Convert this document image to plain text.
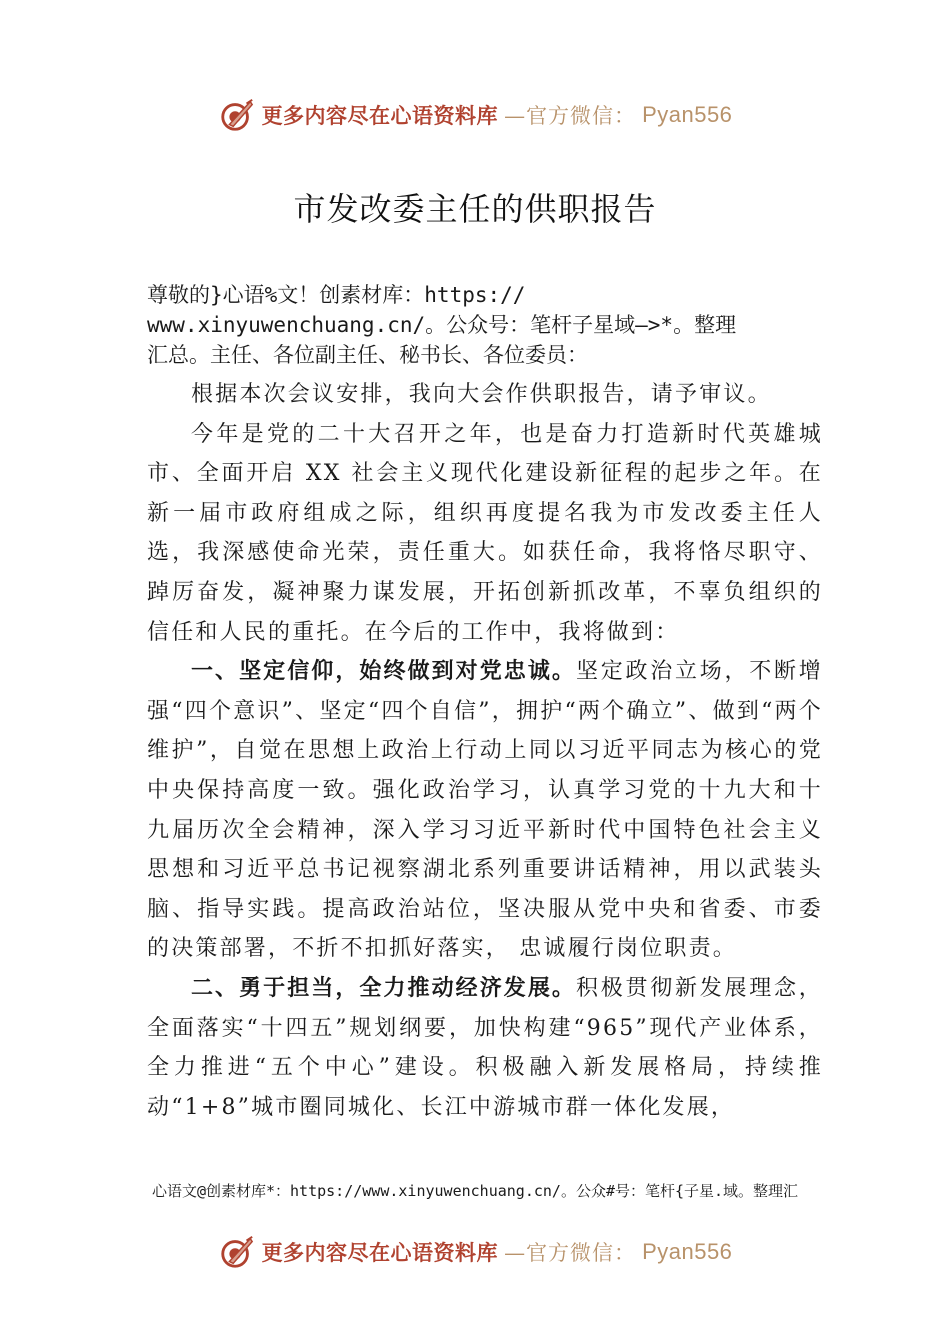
更多内容尽在心语资料库 —官方微信： Pyan556
市发改委主任的供职报告
尊敬的}心语%文！创素材库：https://
www.xinyuwenchuang.cn/。公众号：笔杆子星域—>*。整理
汇总。主任、各位副主任、秘书长、各位委员：

根据本次会议安排，我向大会作供职报告，请予审议。

今年是党的二十大召开之年，也是奋力打造新时代英雄城市、全面开启 XX 社会主义现代化建设新征程的起步之年。在新一届市政府组成之际，组织再度提名我为市发改委主任人选，我深感使命光荣，责任重大。如获任命，我将恪尽职守、踔厉奋发，凝神聚力谋发展，开拓创新抓改革，不辜负组织的信任和人民的重托。在今后的工作中，我将做到：

一、坚定信仰，始终做到对党忠诚。坚定政治立场，不断增强“四个意识”、坚定“四个自信”，拥护“两个确立”、做到“两个维护”，自觉在思想上政治上行动上同以习近平同志为核心的党中央保持高度一致。强化政治学习，认真学习党的十九大和十九届历次全会精神，深入学习习近平新时代中国特色社会主义思想和习近平总书记视察湖北系列重要讲话精神，用以武装头脑、指导实践。提高政治站位，坚决服从党中央和省委、市委的决策部署，不折不扣抓好落实， 忠诚履行岗位职责。

二、勇于担当，全力推动经济发展。积极贯彻新发展理念，全面落实“十四五”规划纲要，加快构建“965”现代产业体系，全力推进“五个中心”建设。积极融入新发展格局，持续推动“1+8”城市圈同城化、长江中游城市群一体化发展，

心语文@创素材库*：https://www.xinyuwenchuang.cn/。公众#号：笔杆{子星.域。整理汇
更多内容尽在心语资料库 —官方微信： Pyan556
